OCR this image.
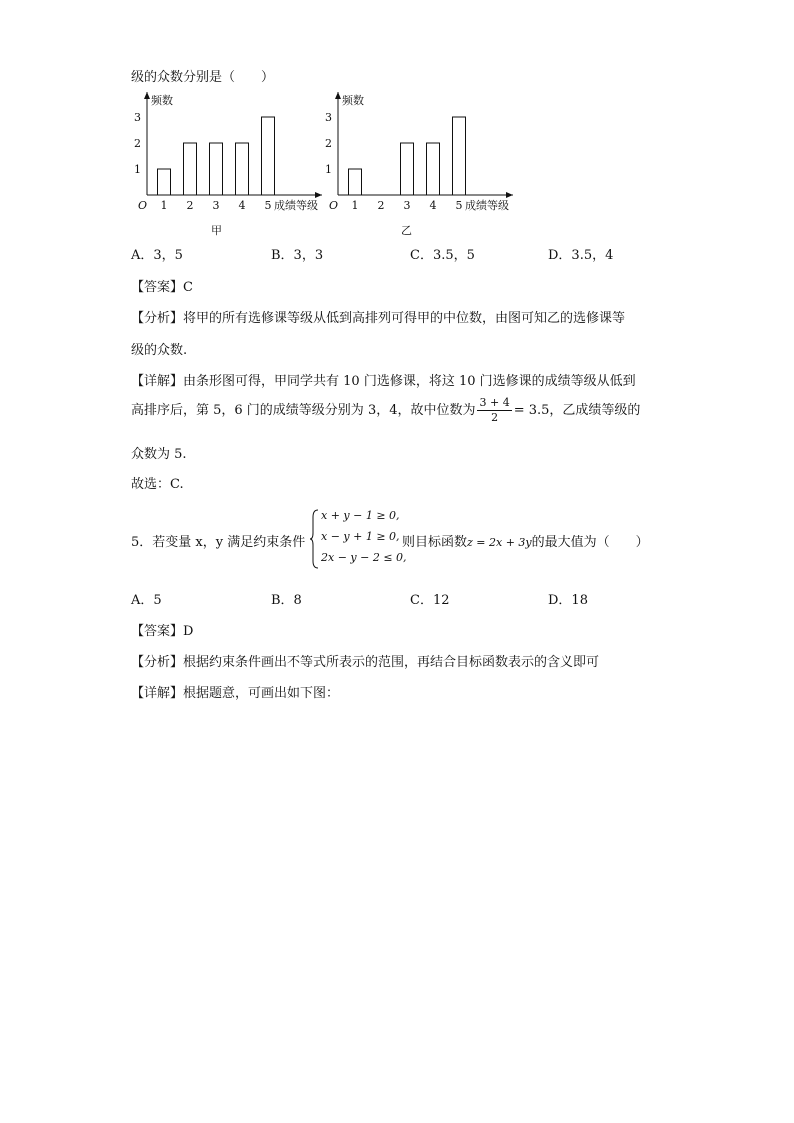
级的众数分别是（　　）
频数
O
1
2
3
1 2 3 4 5 成绩等级
频数
O
1
2
3
1 2 3 4 5 成绩等级
甲	乙
A．3，5	B．3，3	C．3.5，5	D．3.5，4
【答案】C
【分析】将甲的所有选修课等级从低到高排列可得甲的中位数，由图可知乙的选修课等
级的众数.
【详解】由条形图可得，甲同学共有 10 门选修课，将这 10 门选修课的成绩等级从低到
高排序后，第 5，6 门的成绩等级分别为 3，4，故中位数为 $\frac{3 + 4}{2} = 3.5$，乙成绩等级的
众数为 5.
故选：C.
5．若变量 x，y 满足约束条件
x + y − 1 ≥ 0,
x − y + 1 ≥ 0,
2x − y − 2 ≤ 0,
则目标函数z = 2x + 3y的最大值为（　　）
A．5	B．8	C．12	D．18
【答案】D
【分析】根据约束条件画出不等式所表示的范围，再结合目标函数表示的含义即可
【详解】根据题意，可画出如下图：
